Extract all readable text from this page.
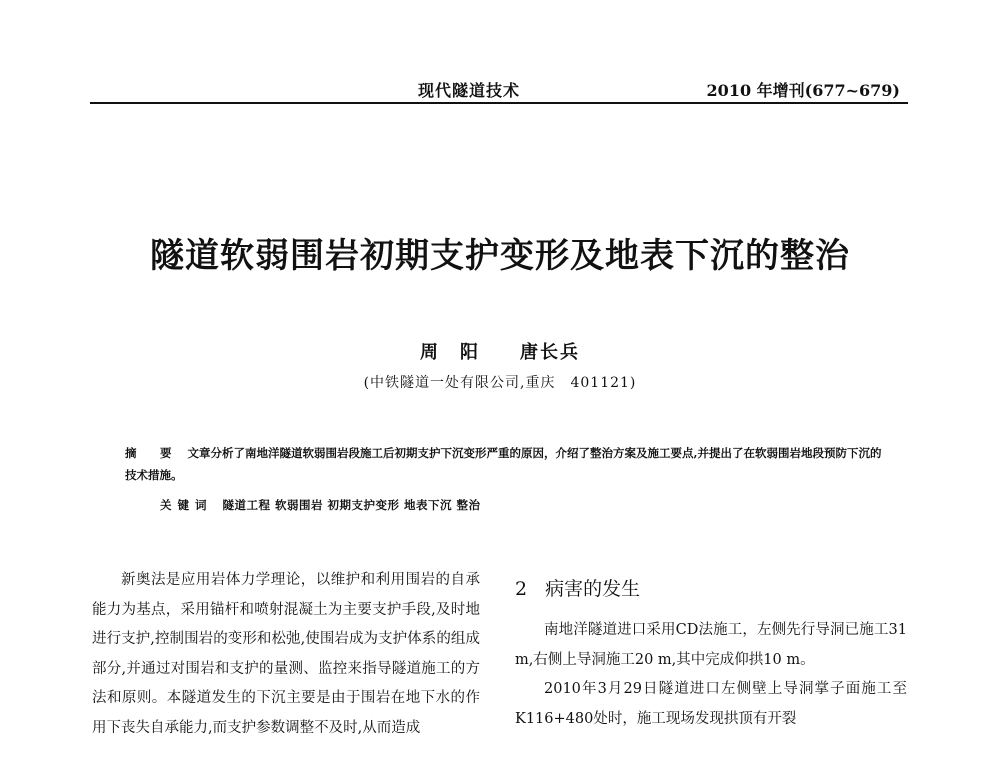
现代隧道技术	2010 年增刊(677~679)
隧道软弱围岩初期支护变形及地表下沉的整治
周　阳　　唐长兵
(中铁隧道一处有限公司,重庆　401121)
摘　要 文章分析了南地洋隧道软弱围岩段施工后初期支护下沉变形严重的原因，介绍了整治方案及施工要点,并提出了在软弱围岩地段预防下沉的技术措施。
关键词 隧道工程 软弱围岩 初期支护变形 地表下沉 整治

新奥法是应用岩体力学理论，以维护和利用围岩的自承能力为基点，采用锚杆和喷射混凝土为主要支护手段,及时地进行支护,控制围岩的变形和松弛,使围岩成为支护体系的组成部分,并通过对围岩和支护的量测、监控来指导隧道施工的方法和原则。本隧道发生的下沉主要是由于围岩在地下水的作用下丧失自承能力,而支护参数调整不及时,从而造成

2 病害的发生

南地洋隧道进口采用CD法施工，左侧先行导洞已施工31 m,右侧上导洞施工20 m,其中完成仰拱10 m。

2010年3月29日隧道进口左侧壁上导洞掌子面施工至K116+480处时，施工现场发现拱顶有开裂
